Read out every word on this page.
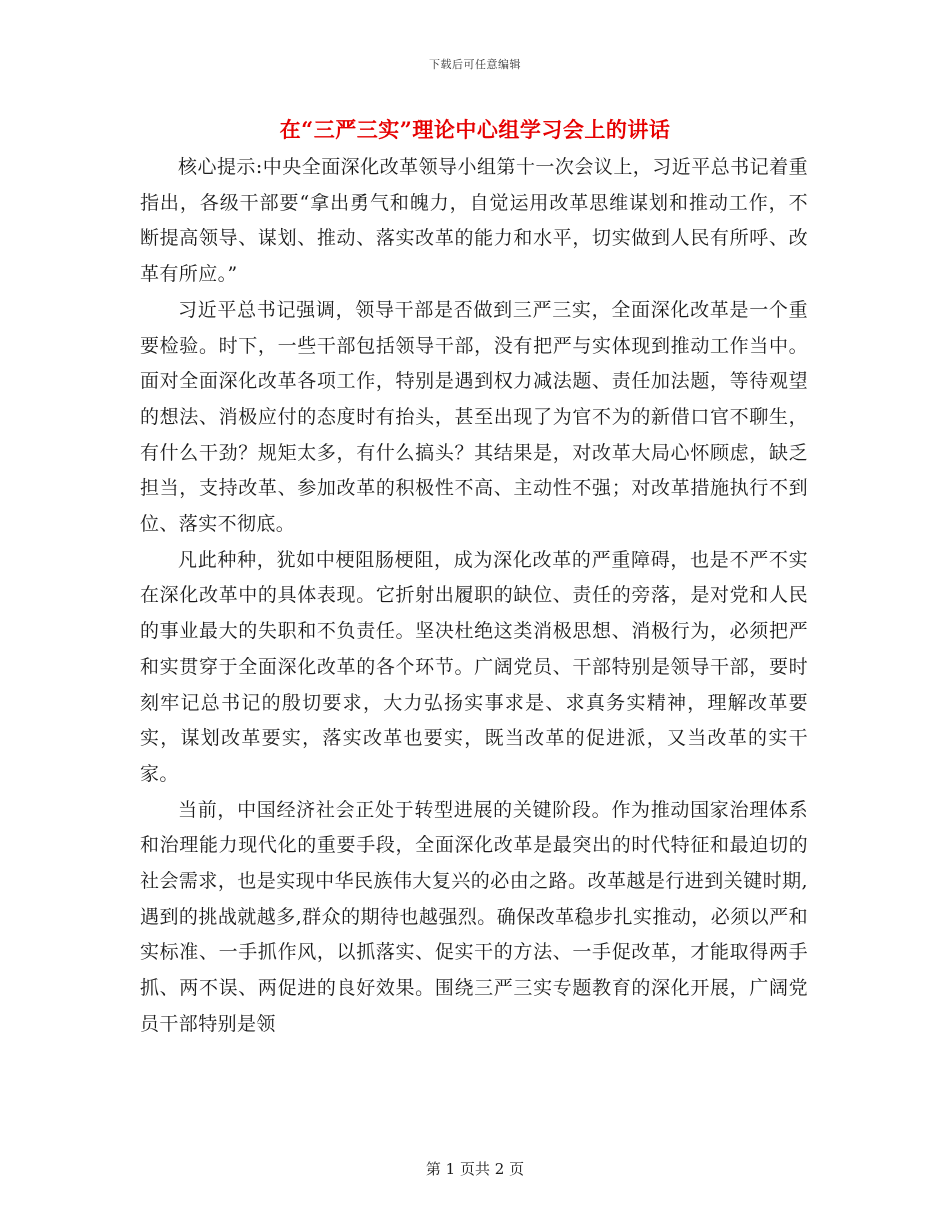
下载后可任意编辑
在“三严三实”理论中心组学习会上的讲话

核心提示:中央全面深化改革领导小组第十一次会议上，习近平总书记着重指出，各级干部要“拿出勇气和魄力，自觉运用改革思维谋划和推动工作，不断提高领导、谋划、推动、落实改革的能力和水平，切实做到人民有所呼、改革有所应。”

习近平总书记强调，领导干部是否做到三严三实，全面深化改革是一个重要检验。时下，一些干部包括领导干部，没有把严与实体现到推动工作当中。面对全面深化改革各项工作，特别是遇到权力减法题、责任加法题，等待观望的想法、消极应付的态度时有抬头，甚至出现了为官不为的新借口官不聊生，有什么干劲？规矩太多，有什么搞头？其结果是，对改革大局心怀顾虑，缺乏担当，支持改革、参加改革的积极性不高、主动性不强；对改革措施执行不到位、落实不彻底。

凡此种种，犹如中梗阻肠梗阻，成为深化改革的严重障碍，也是不严不实在深化改革中的具体表现。它折射出履职的缺位、责任的旁落，是对党和人民的事业最大的失职和不负责任。坚决杜绝这类消极思想、消极行为，必须把严和实贯穿于全面深化改革的各个环节。广阔党员、干部特别是领导干部，要时刻牢记总书记的殷切要求，大力弘扬实事求是、求真务实精神，理解改革要实，谋划改革要实，落实改革也要实，既当改革的促进派，又当改革的实干家。

当前，中国经济社会正处于转型进展的关键阶段。作为推动国家治理体系和治理能力现代化的重要手段，全面深化改革是最突出的时代特征和最迫切的社会需求，也是实现中华民族伟大复兴的必由之路。改革越是行进到关键时期,遇到的挑战就越多,群众的期待也越强烈。确保改革稳步扎实推动，必须以严和实标准、一手抓作风，以抓落实、促实干的方法、一手促改革，才能取得两手抓、两不误、两促进的良好效果。围绕三严三实专题教育的深化开展，广阔党员干部特别是领

第 1 页共 2 页
